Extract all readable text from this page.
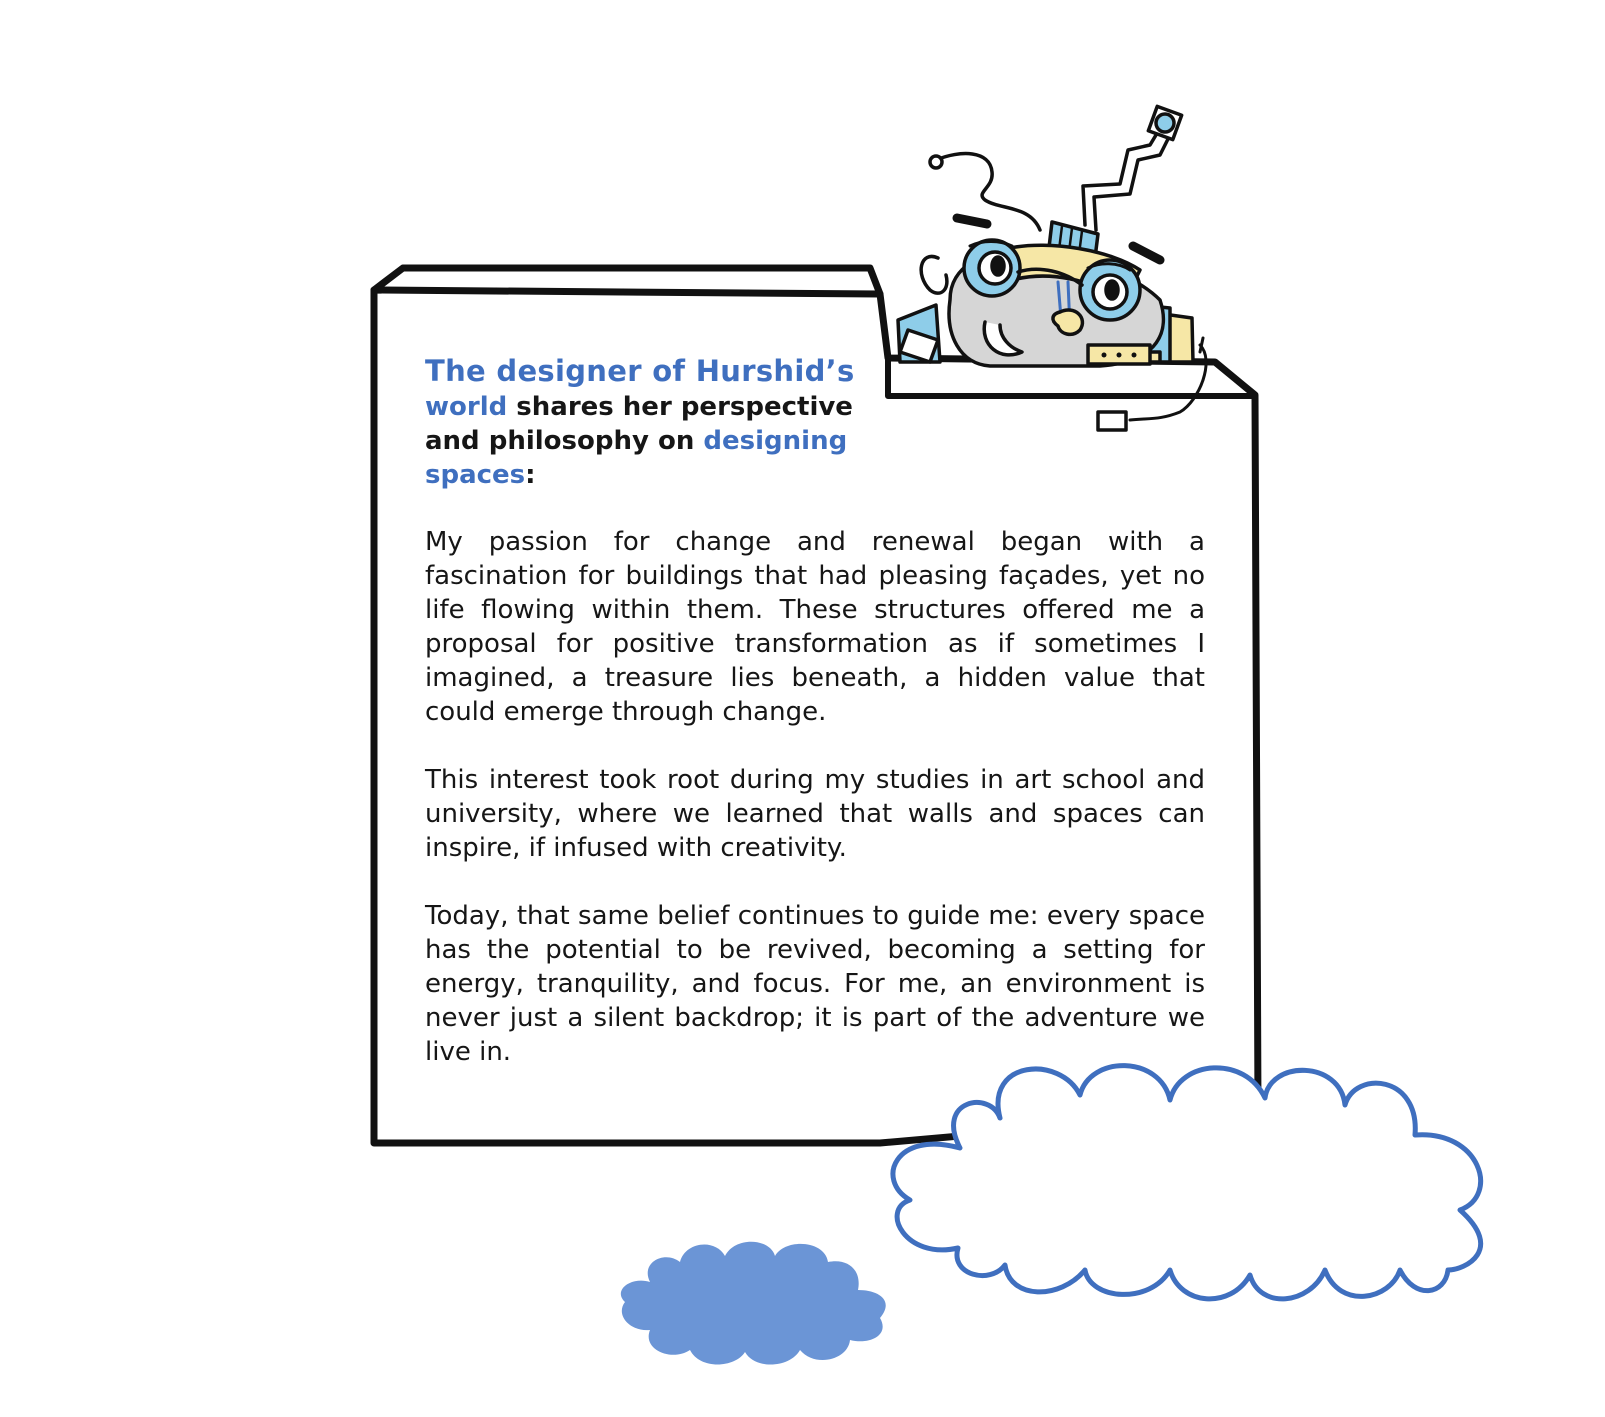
The designer of Hurshid’s
world shares her perspective
and philosophy on designing spaces:

My passion for change and renewal began with a fascination for buildings that had pleasing façades, yet no life flowing within them. These structures offered me a proposal for positive transformation as if sometimes I imagined, a treasure lies beneath, a hidden value that could emerge through change.

This interest took root during my studies in art school and university, where we learned that walls and spaces can inspire, if infused with creativity.

Today, that same belief continues to guide me: every space has the potential to be revived, becoming a setting for energy, tranquility, and focus. For me, an environment is never just a silent backdrop; it is part of the adventure we live in.
